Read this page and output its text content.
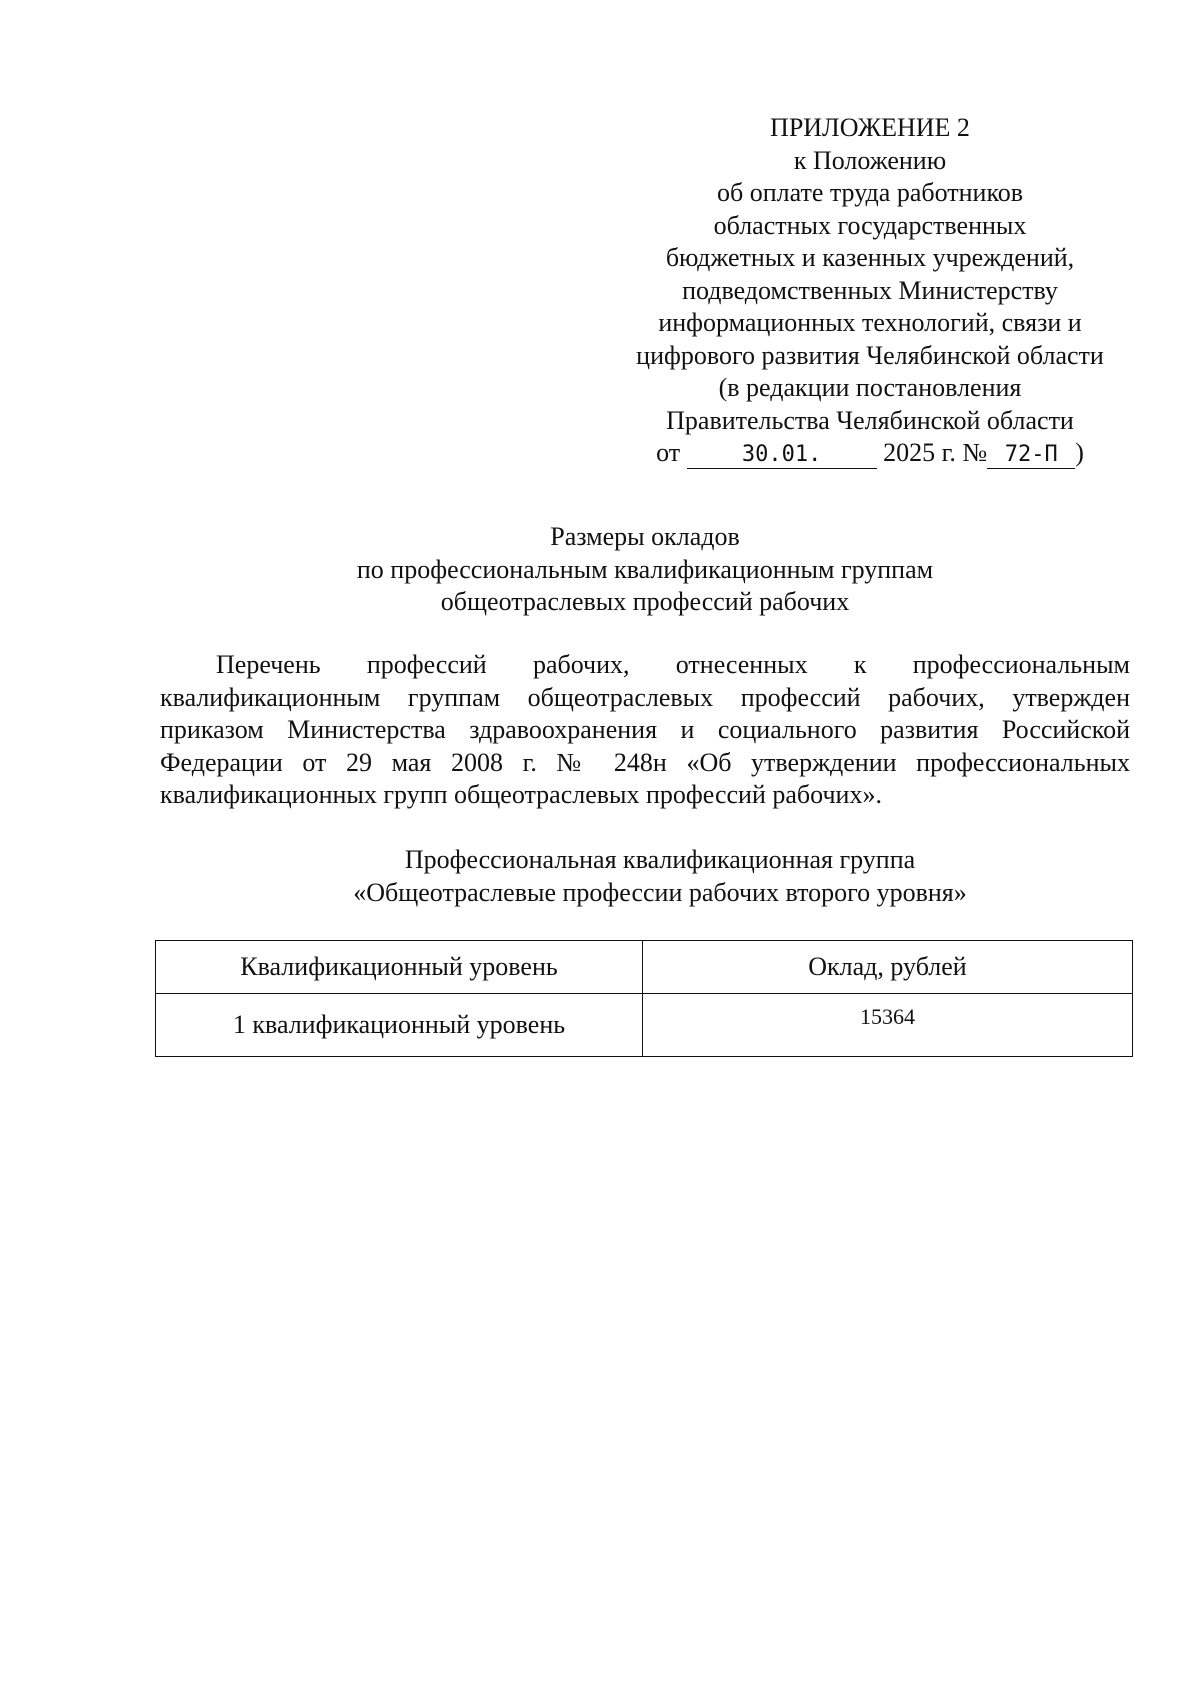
ПРИЛОЖЕНИЕ 2
к Положению
об оплате труда работников
областных государственных
бюджетных и казенных учреждений,
подведомственных Министерству
информационных технологий, связи и
цифрового развития Челябинской области
(в редакции постановления
Правительства Челябинской области
от	30.01. 2025 г. № 72-П )
Размеры окладов
по профессиональным квалификационным группам
общеотраслевых профессий рабочих

Перечень профессий рабочих, отнесенных к профессиональным квалификационным группам общеотраслевых профессий рабочих, утвержден приказом Министерства здравоохранения и социального развития Российской Федерации от 29 мая 2008 г. № 248н «Об утверждении профессиональных квалификационных групп общеотраслевых профессий рабочих».

Профессиональная квалификационная группа
«Общеотраслевые профессии рабочих второго уровня»
Квалификационный уровень	Оклад, рублей
1 квалификационный уровень	15364
